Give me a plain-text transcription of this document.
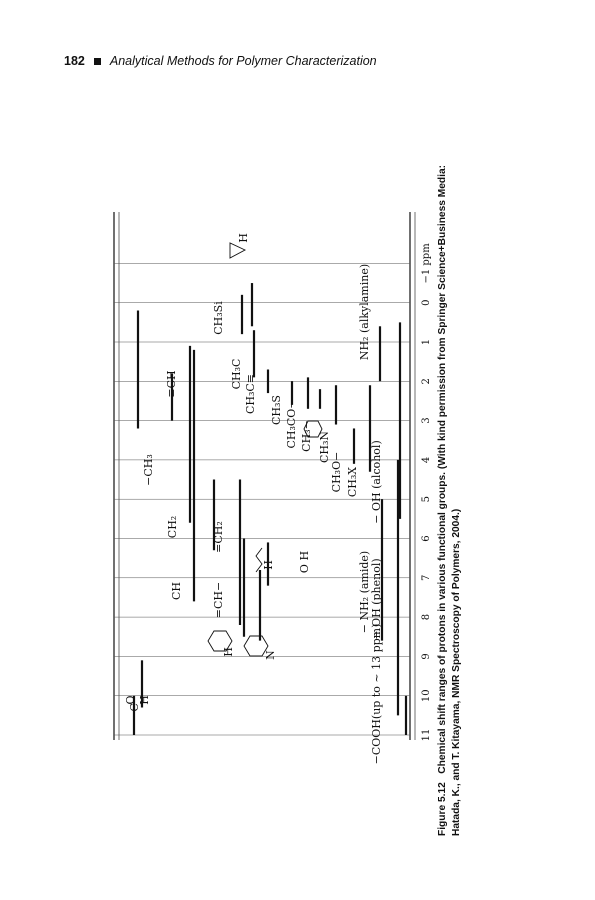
182 Analytical Methods for Polymer Characterization
−CH₃
≡CH
CH₂	=CH₂
CH	=CH−
H
H
N
−C
O H
O H
CH₃Si
H
CH₃C CH₃C≡ CH₃S CH₃CO− CH₃− CH₃N
CH₃O− CH₃X
NH₂ (alkylamine)
− OH (alcohol)
− NH₂ (amide) − OH (phenol)
−COOH(up to ~ 13 ppm)	11
10
9
8
7
6
5
4
3
2
1
0
−1 ppm
Figure 5.12   Chemical shift ranges of protons in various functional groups. (With kind permission from Springer Science+Business Media: Hatada, K., and T. Kitayama, NMR Spectroscopy of Polymers, 2004.)
